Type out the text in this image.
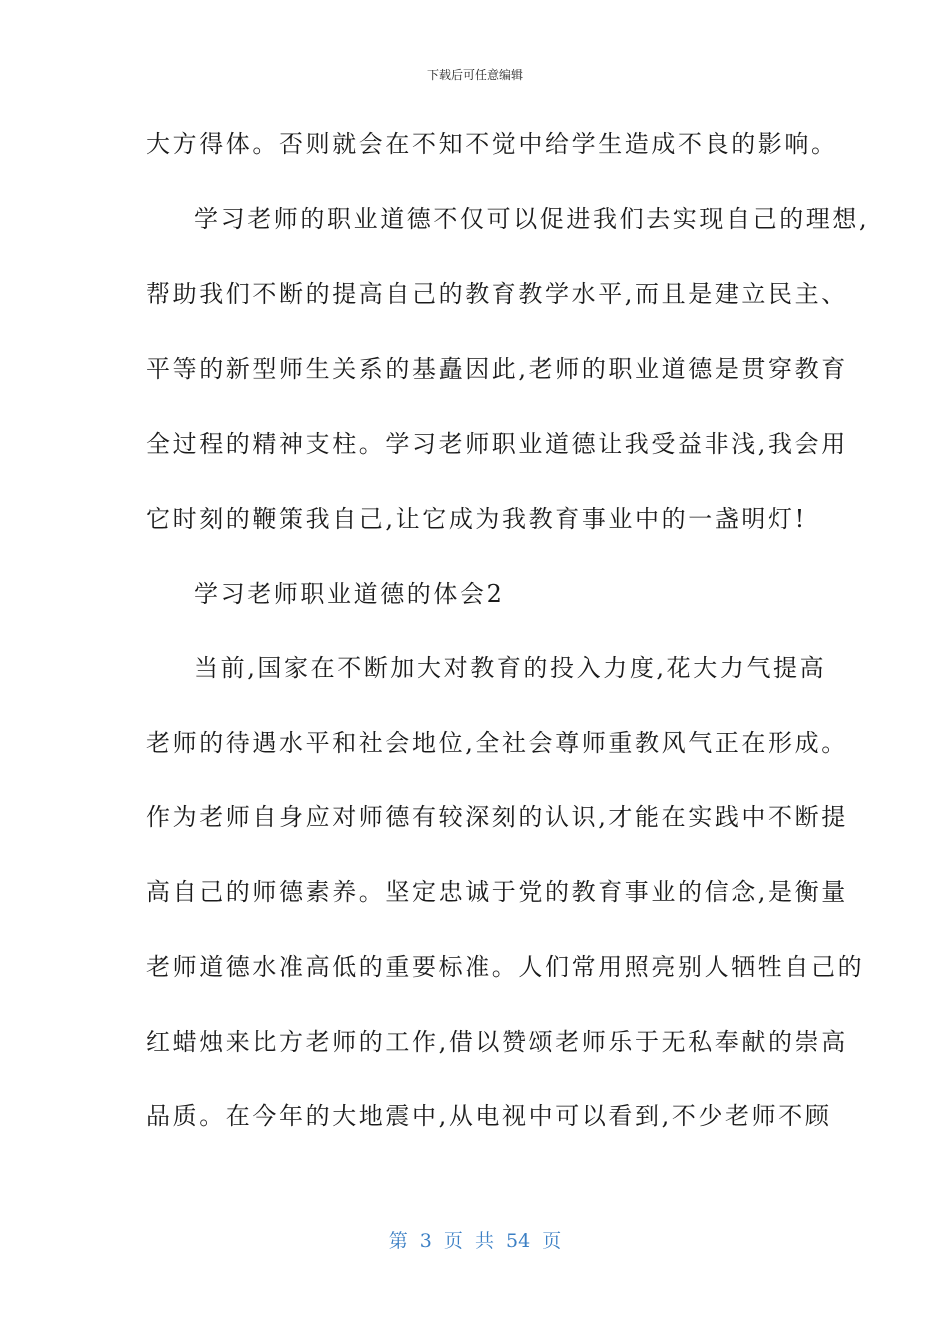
下载后可任意编辑
大方得体。否则就会在不知不觉中给学生造成不良的影响。
学习老师的职业道德不仅可以促进我们去实现自己的理想,
帮助我们不断的提高自己的教育教学水平,而且是建立民主、
平等的新型师生关系的基矗因此,老师的职业道德是贯穿教育
全过程的精神支柱。学习老师职业道德让我受益非浅,我会用
它时刻的鞭策我自己,让它成为我教育事业中的一盏明灯!
学习老师职业道德的体会2
当前,国家在不断加大对教育的投入力度,花大力气提高
老师的待遇水平和社会地位,全社会尊师重教风气正在形成。
作为老师自身应对师德有较深刻的认识,才能在实践中不断提
高自己的师德素养。坚定忠诚于党的教育事业的信念,是衡量
老师道德水准高低的重要标准。人们常用照亮别人牺牲自己的
红蜡烛来比方老师的工作,借以赞颂老师乐于无私奉献的崇高
品质。在今年的大地震中,从电视中可以看到,不少老师不顾
第 3 页 共 54 页
